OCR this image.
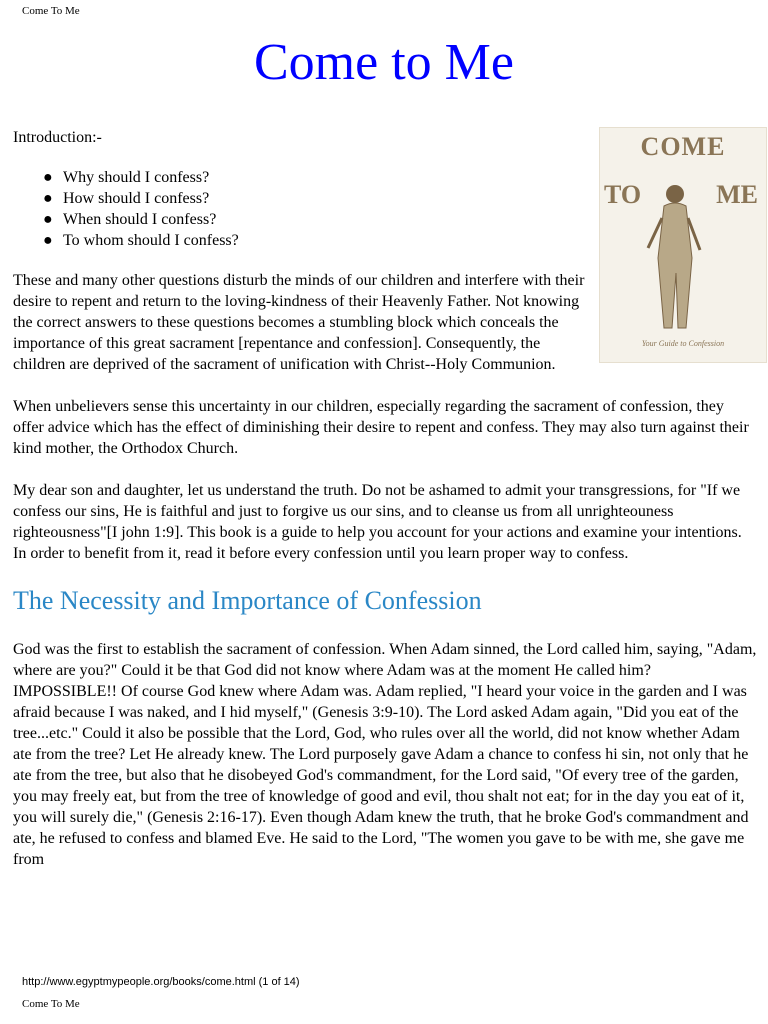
Come To Me
Come to Me
COME
TO	ME
Your Guide to Confession

Introduction:-

● Why should I confess?
● How should I confess?
● When should I confess?
● To whom should I confess?

These and many other questions disturb the minds of our children and interfere with their desire to repent and return to the loving-kindness of their Heavenly Father. Not knowing the correct answers to these questions becomes a stumbling block which conceals the importance of this great sacrament [repentance and confession]. Consequently, the children are deprived of the sacrament of unification with Christ--Holy Communion.

When unbelievers sense this uncertainty in our children, especially regarding the sacrament of confession, they offer advice which has the effect of diminishing their desire to repent and confess. They may also turn against their kind mother, the Orthodox Church.

My dear son and daughter, let us understand the truth. Do not be ashamed to admit your transgressions, for "If we confess our sins, He is faithful and just to forgive us our sins, and to cleanse us from all unrighteouness righteousness"[I john 1:9]. This book is a guide to help you account for your actions and examine your intentions. In order to benefit from it, read it before every confession until you learn proper way to confess.

The Necessity and Importance of Confession

God was the first to establish the sacrament of confession. When Adam sinned, the Lord called him, saying, "Adam, where are you?" Could it be that God did not know where Adam was at the moment He called him? IMPOSSIBLE!! Of course God knew where Adam was. Adam replied, "I heard your voice in the garden and I was afraid because I was naked, and I hid myself," (Genesis 3:9-10). The Lord asked Adam again, "Did you eat of the tree...etc." Could it also be possible that the Lord, God, who rules over all the world, did not know whether Adam ate from the tree? Let He already knew. The Lord purposely gave Adam a chance to confess hi sin, not only that he ate from the tree, but also that he disobeyed God's commandment, for the Lord said, "Of every tree of the garden, you may freely eat, but from the tree of knowledge of good and evil, thou shalt not eat; for in the day you eat of it, you will surely die," (Genesis 2:16-17). Even though Adam knew the truth, that he broke God's commandment and ate, he refused to confess and blamed Eve. He said to the Lord, "The women you gave to be with me, she gave me from

http://www.egyptmypeople.org/books/come.html (1 of 14)
Come To Me
